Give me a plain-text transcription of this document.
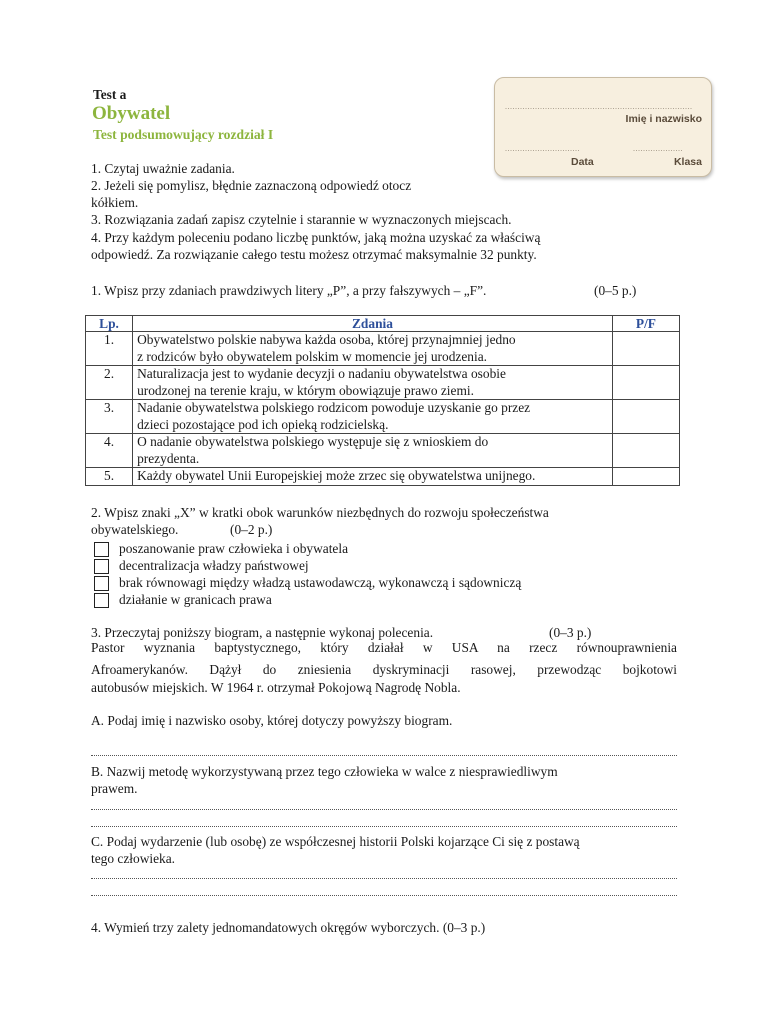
Test a
Obywatel
Test podsumowujący rozdział I
...........................................................................
Imię i nazwisko
..............................	....................
Data	Klasa
1. Czytaj uważnie zadania.
2. Jeżeli się pomylisz, błędnie zaznaczoną odpowiedź otocz
kółkiem.
3. Rozwiązania zadań zapisz czytelnie i starannie w wyznaczonych miejscach.
4. Przy każdym poleceniu podano liczbę punktów, jaką można uzyskać za właściwą
odpowiedź. Za rozwiązanie całego testu możesz otrzymać maksymalnie 32 punkty.
1. Wpisz przy zdaniach prawdziwych litery „P”, a przy fałszywych – „F”.	(0–5 p.)
Lp.	Zdania	P/F
1.	Obywatelstwo polskie nabywa każda osoba, której przynajmniej jedno
z rodziców było obywatelem polskim w momencie jej urodzenia.	

2.	Naturalizacja jest to wydanie decyzji o nadaniu obywatelstwa osobie
urodzonej na terenie kraju, w którym obowiązuje prawo ziemi.	

3.	Nadanie obywatelstwa polskiego rodzicom powoduje uzyskanie go przez
dzieci pozostające pod ich opieką rodzicielską.	

4.	O nadanie obywatelstwa polskiego występuje się z wnioskiem do
prezydenta.	

5.	Każdy obywatel Unii Europejskiej może zrzec się obywatelstwa unijnego.	

2. Wpisz znaki „X” w kratki obok warunków niezbędnych do rozwoju społeczeństwa
obywatelskiego.	(0–2 p.)
poszanowanie praw człowieka i obywatela
decentralizacja władzy państwowej
brak równowagi między władzą ustawodawczą, wykonawczą i sądowniczą
działanie w granicach prawa
3. Przeczytaj poniższy biogram, a następnie wykonaj polecenia.	(0–3 p.)
Pastor wyznania baptystycznego, który działał w USA na rzecz równouprawnienia
Afroamerykanów. Dążył do zniesienia dyskryminacji rasowej, przewodząc bojkotowi
autobusów miejskich. W 1964 r. otrzymał Pokojową Nagrodę Nobla.
A. Podaj imię i nazwisko osoby, której dotyczy powyższy biogram.
B. Nazwij metodę wykorzystywaną przez tego człowieka w walce z niesprawiedliwym
prawem.
C. Podaj wydarzenie (lub osobę) ze współczesnej historii Polski kojarzące Ci się z postawą
tego człowieka.
4. Wymień trzy zalety jednomandatowych okręgów wyborczych. (0–3 p.)
